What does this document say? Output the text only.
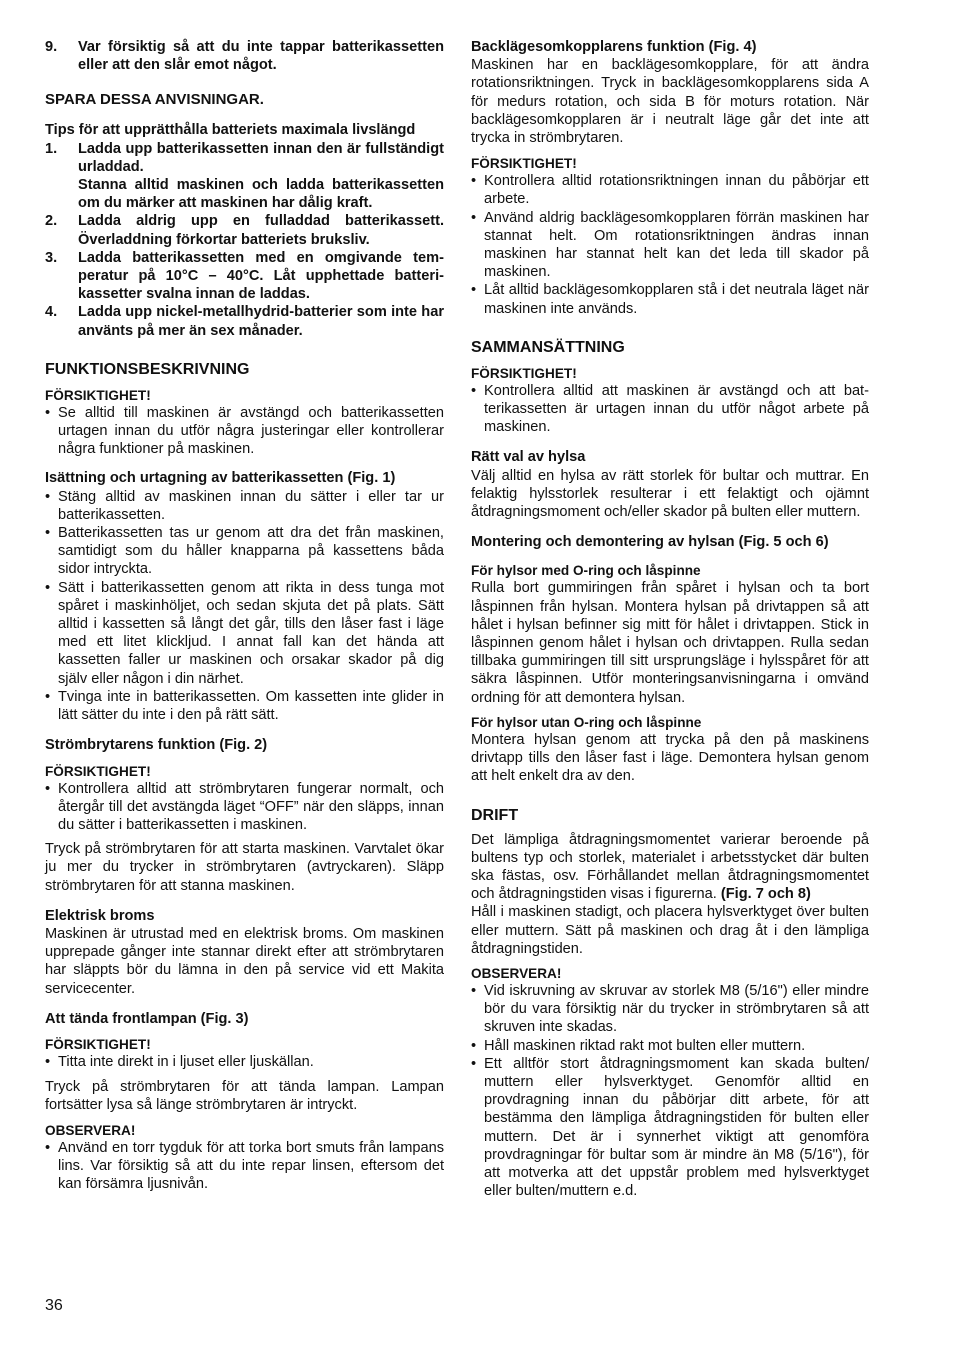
9. Var försiktig så att du inte tappar batterikassetten eller att den slår emot något.

SPARA DESSA ANVISNINGAR.

Tips för att upprätthålla batteriets maximala livslängd

1. Ladda upp batterikassetten innan den är fullständigt urladdad.
Stanna alltid maskinen och ladda batterikassetten om du märker att maskinen har dålig kraft.
2. Ladda aldrig upp en fulladdad batterikassett. Överladdning förkortar batteriets bruksliv.
3. Ladda batterikassetten med en omgivande temperatur på 10°C – 40°C. Låt upphettade batterikassetter svalna innan de laddas.
4. Ladda upp nickel-metallhydrid-batterier som inte har använts på mer än sex månader.

FUNKTIONSBESKRIVNING

FÖRSIKTIGHET!

• Se alltid till maskinen är avstängd och batterikassetten urtagen innan du utför några justeringar eller kontrollerar några funktioner på maskinen.

Isättning och urtagning av batterikassetten (Fig. 1)

• Stäng alltid av maskinen innan du sätter i eller tar ur batterikassetten.
• Batterikassetten tas ur genom att dra det från maskinen, samtidigt som du håller knapparna på kassettens båda sidor intryckta.
• Sätt i batterikassetten genom att rikta in dess tunga mot spåret i maskinhöljet, och sedan skjuta det på plats. Sätt alltid i kassetten så långt det går, tills den låser fast i läge med ett litet klickljud. I annat fall kan det hända att kassetten faller ur maskinen och orsakar skador på dig själv eller någon i din närhet.
• Tvinga inte in batterikassetten. Om kassetten inte glider in lätt sätter du inte i den på rätt sätt.

Strömbrytarens funktion (Fig. 2)

FÖRSIKTIGHET!

• Kontrollera alltid att strömbrytaren fungerar normalt, och återgår till det avstängda läget “OFF” när den släpps, innan du sätter i batterikassetten i maskinen.

Tryck på strömbrytaren för att starta maskinen. Varvtalet ökar ju mer du trycker in strömbrytaren (avtryckaren). Släpp strömbrytaren för att stanna maskinen.

Elektrisk broms

Maskinen är utrustad med en elektrisk broms. Om maskinen upprepade gånger inte stannar direkt efter att strömbrytaren har släppts bör du lämna in den på service vid ett Makita servicecenter.

Att tända frontlampan (Fig. 3)

FÖRSIKTIGHET!

• Titta inte direkt in i ljuset eller ljuskällan.

Tryck på strömbrytaren för att tända lampan. Lampan fortsätter lysa så länge strömbrytaren är intryckt.

OBSERVERA!

• Använd en torr tygduk för att torka bort smuts från lampans lins. Var försiktig så att du inte repar linsen, eftersom det kan försämra ljusnivån.

Backlägesomkopplarens funktion (Fig. 4)

Maskinen har en backlägesomkopplare, för att ändra rotationsriktningen. Tryck in backlägesomkopplarens sida A för medurs rotation, och sida B för moturs rotation. När backlägesomkopplaren är i neutralt läge går det inte att trycka in strömbrytaren.

FÖRSIKTIGHET!

• Kontrollera alltid rotationsriktningen innan du påbörjar ett arbete.
• Använd aldrig backlägesomkopplaren förrän maskinen har stannat helt. Om rotationsriktningen ändras innan maskinen har stannat helt kan det leda till skador på maskinen.
• Låt alltid backlägesomkopplaren stå i det neutrala läget när maskinen inte används.

SAMMANSÄTTNING

FÖRSIKTIGHET!

• Kontrollera alltid att maskinen är avstängd och att batterikassetten är urtagen innan du utför något arbete på maskinen.

Rätt val av hylsa

Välj alltid en hylsa av rätt storlek för bultar och muttrar. En felaktig hylsstorlek resulterar i ett felaktigt och ojämnt åtdragningsmoment och/eller skador på bulten eller muttern.

Montering och demontering av hylsan (Fig. 5 och 6)

För hylsor med O-ring och låspinne

Rulla bort gummiringen från spåret i hylsan och ta bort låspinnen från hylsan. Montera hylsan på drivtappen så att hålet i hylsan befinner sig mitt för hålet i drivtappen. Stick in låspinnen genom hålet i hylsan och drivtappen. Rulla sedan tillbaka gummiringen till sitt ursprungsläge i hylsspåret för att säkra låspinnen. Utför monteringsanvisningarna i omvänd ordning för att demontera hylsan.

För hylsor utan O-ring och låspinne

Montera hylsan genom att trycka på den på maskinens drivtapp tills den låser fast i läge. Demontera hylsan genom att helt enkelt dra av den.

DRIFT

Det lämpliga åtdragningsmomentet varierar beroende på bultens typ och storlek, materialet i arbetsstycket där bulten ska fästas, osv. Förhållandet mellan åtdragningsmomentet och åtdragningstiden visas i figurerna. (Fig. 7 och 8)

Håll i maskinen stadigt, och placera hylsverktyget över bulten eller muttern. Sätt på maskinen och drag åt i den lämpliga åtdragningstiden.

OBSERVERA!

• Vid iskruvning av skruvar av storlek M8 (5/16") eller mindre bör du vara försiktig när du trycker in strömbrytaren så att skruven inte skadas.
• Håll maskinen riktad rakt mot bulten eller muttern.
• Ett alltför stort åtdragningsmoment kan skada bulten/ muttern eller hylsverktyget. Genomför alltid en provdragning innan du påbörjar ditt arbete, för att bestämma den lämpliga åtdragningstiden för bulten eller muttern. Det är i synnerhet viktigt att genomföra provdragningar för bultar som är mindre än M8 (5/16"), för att motverka att det uppstår problem med hylsverktyget eller bulten/muttern e.d.
36
